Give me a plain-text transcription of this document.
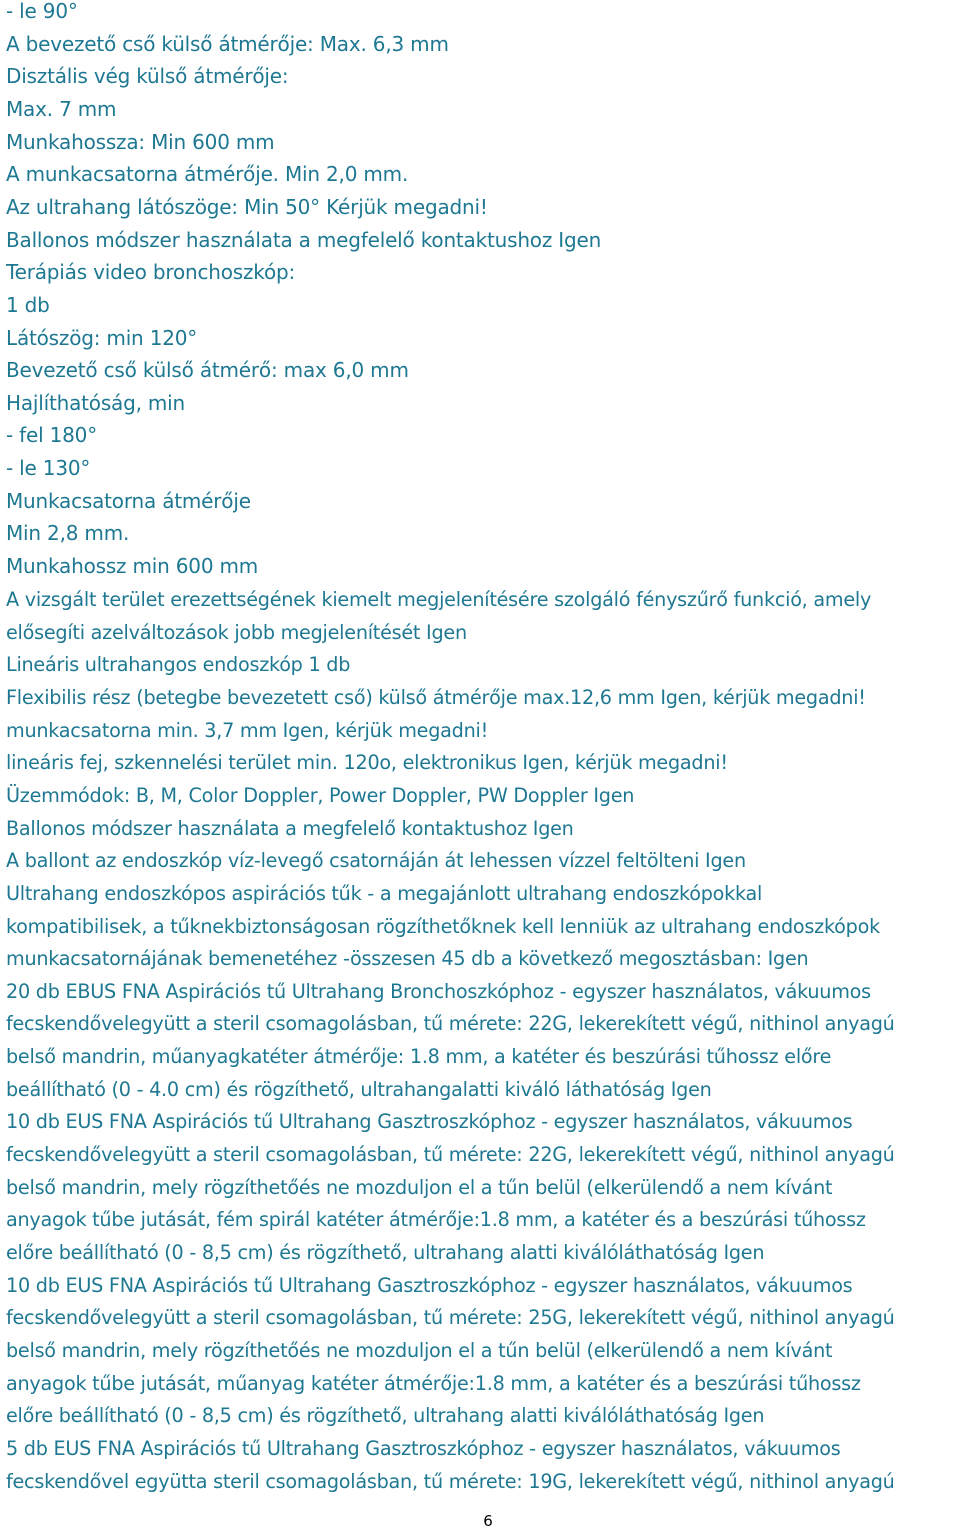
- le 90°
A bevezető cső külső átmérője: Max. 6,3 mm
Disztális vég külső átmérője:
Max. 7 mm
Munkahossza: Min 600 mm
A munkacsatorna átmérője. Min 2,0 mm.
Az ultrahang látószöge: Min 50° Kérjük megadni!
Ballonos módszer használata a megfelelő kontaktushoz Igen
Terápiás video bronchoszkóp:
1 db
Látószög: min 120°
Bevezető cső külső átmérő: max 6,0 mm
Hajlíthatóság, min
- fel 180°
- le 130°
Munkacsatorna átmérője
Min 2,8 mm.
Munkahossz min 600 mm
A vizsgált terület erezettségének kiemelt megjelenítésére szolgáló fényszűrő funkció, amely
elősegíti azelváltozások jobb megjelenítését Igen
Lineáris ultrahangos endoszkóp 1 db
Flexibilis rész (betegbe bevezetett cső) külső átmérője max.12,6 mm Igen, kérjük megadni!
munkacsatorna min. 3,7 mm Igen, kérjük megadni!
lineáris fej, szkennelési terület min. 120o, elektronikus Igen, kérjük megadni!
Üzemmódok: B, M, Color Doppler, Power Doppler, PW Doppler Igen
Ballonos módszer használata a megfelelő kontaktushoz Igen
A ballont az endoszkóp víz-levegő csatornáján át lehessen vízzel feltölteni Igen
Ultrahang endoszkópos aspirációs tűk - a megajánlott ultrahang endoszkópokkal
kompatibilisek, a tűknekbiztonságosan rögzíthetőknek kell lenniük az ultrahang endoszkópok
munkacsatornájának bemenetéhez -összesen 45 db a következő megosztásban: Igen
20 db EBUS FNA Aspirációs tű Ultrahang Bronchoszkóphoz - egyszer használatos, vákuumos
fecskendővelegyütt a steril csomagolásban, tű mérete: 22G, lekerekített végű, nithinol anyagú
belső mandrin, műanyagkatéter átmérője: 1.8 mm, a katéter és beszúrási tűhossz előre
beállítható (0 - 4.0 cm) és rögzíthető, ultrahangalatti kiváló láthatóság Igen
10 db EUS FNA Aspirációs tű Ultrahang Gasztroszkóphoz - egyszer használatos, vákuumos
fecskendővelegyütt a steril csomagolásban, tű mérete: 22G, lekerekített végű, nithinol anyagú
belső mandrin, mely rögzíthetőés ne mozduljon el a tűn belül (elkerülendő a nem kívánt
anyagok tűbe jutását, fém spirál katéter átmérője:1.8 mm, a katéter és a beszúrási tűhossz
előre beállítható (0 - 8,5 cm) és rögzíthető, ultrahang alatti kiválóláthatóság Igen
10 db EUS FNA Aspirációs tű Ultrahang Gasztroszkóphoz - egyszer használatos, vákuumos
fecskendővelegyütt a steril csomagolásban, tű mérete: 25G, lekerekített végű, nithinol anyagú
belső mandrin, mely rögzíthetőés ne mozduljon el a tűn belül (elkerülendő a nem kívánt
anyagok tűbe jutását, műanyag katéter átmérője:1.8 mm, a katéter és a beszúrási tűhossz
előre beállítható (0 - 8,5 cm) és rögzíthető, ultrahang alatti kiválóláthatóság Igen
5 db EUS FNA Aspirációs tű Ultrahang Gasztroszkóphoz - egyszer használatos, vákuumos
fecskendővel együtta steril csomagolásban, tű mérete: 19G, lekerekített végű, nithinol anyagú
6
